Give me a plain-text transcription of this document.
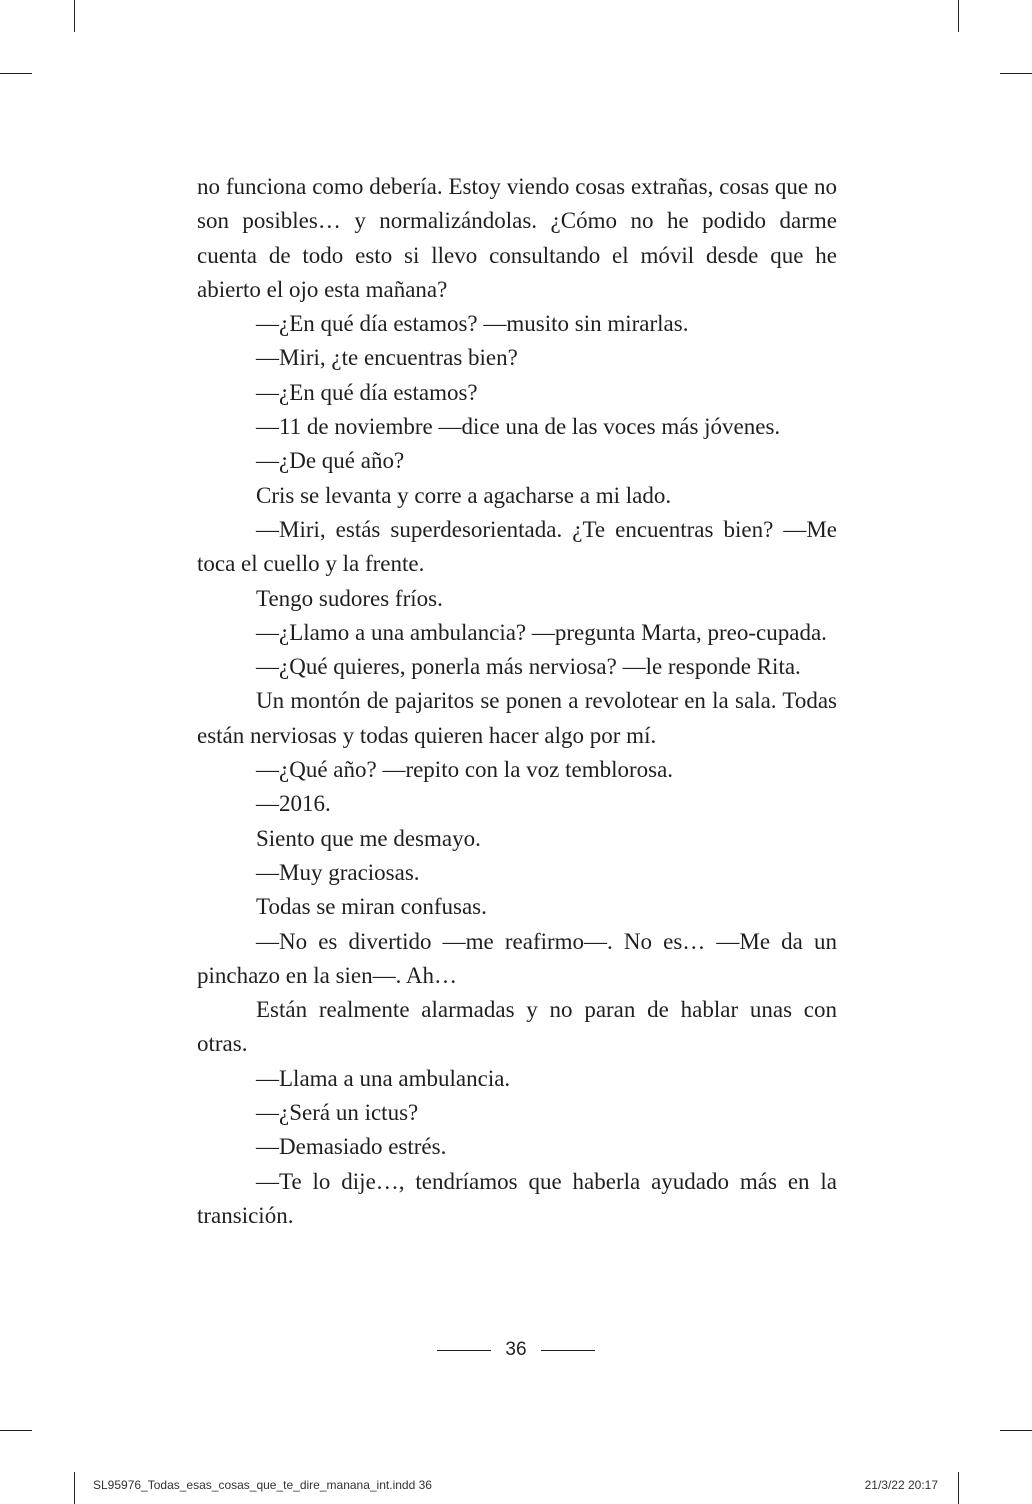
no funciona como debería. Estoy viendo cosas extrañas, cosas que no son posibles… y normalizándolas. ¿Cómo no he podido darme cuenta de todo esto si llevo consultando el móvil desde que he abierto el ojo esta mañana?

—¿En qué día estamos? —musito sin mirarlas.

—Miri, ¿te encuentras bien?

—¿En qué día estamos?

—11 de noviembre —dice una de las voces más jóvenes.

—¿De qué año?

Cris se levanta y corre a agacharse a mi lado.

—Miri, estás superdesorientada. ¿Te encuentras bien? —Me toca el cuello y la frente.

Tengo sudores fríos.

—¿Llamo a una ambulancia? —pregunta Marta, preo-cupada.

—¿Qué quieres, ponerla más nerviosa? —le responde Rita.

Un montón de pajaritos se ponen a revolotear en la sala. Todas están nerviosas y todas quieren hacer algo por mí.

—¿Qué año? —repito con la voz temblorosa.

—2016.

Siento que me desmayo.

—Muy graciosas.

Todas se miran confusas.

—No es divertido —me reafirmo—. No es… —Me da un pinchazo en la sien—. Ah…

Están realmente alarmadas y no paran de hablar unas con otras.

—Llama a una ambulancia.

—¿Será un ictus?

—Demasiado estrés.

—Te lo dije…, tendríamos que haberla ayudado más en la transición.

36
SL95976_Todas_esas_cosas_que_te_dire_manana_int.indd 36	21/3/22 20:17
